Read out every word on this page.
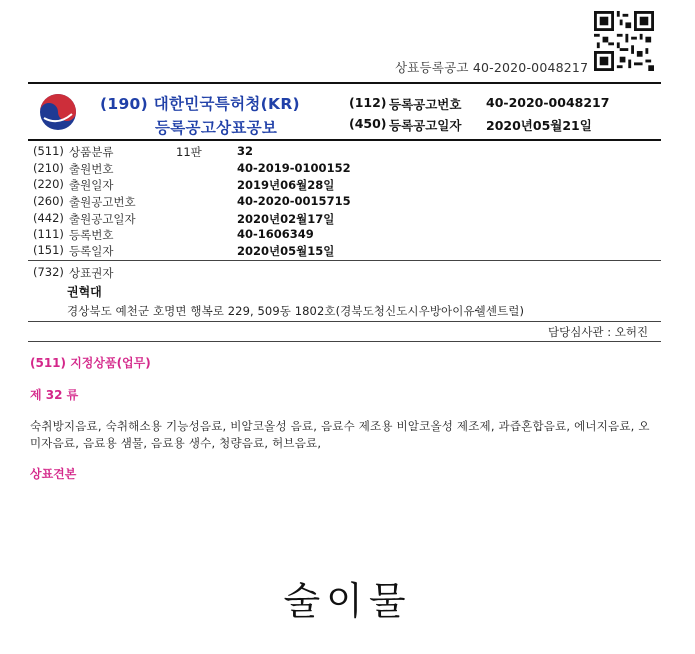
상표등록공고 40-2020-0048217
(190) 대한민국특허청(KR)
등록공고상표공보
(112) 등록공고번호 40-2020-0048217
(450) 등록공고일자 2020년05월21일
(511) 상품분류	11판	32
(210) 출원번호	40-2019-0100152
(220) 출원일자	2019년06월28일
(260) 출원공고번호	40-2020-0015715
(442) 출원공고일자	2020년02월17일
(111) 등록번호	40-1606349
(151) 등록일자	2020년05월15일
(732) 상표권자
권혁대
경상북도 예천군 호명면 행복로 229, 509동 1802호(경북도청신도시우방아이유쉘센트럴)
담당심사관 : 오허진
(511) 지정상품(업무)
제 32 류
숙취방지음료, 숙취해소용 기능성음료, 비알코올성 음료, 음료수 제조용 비알코올성 제조제, 과즙혼합음료, 에너지음료, 오미자음료, 음료용 샘물, 음료용 생수, 청량음료, 허브음료,
상표견본
술이물
